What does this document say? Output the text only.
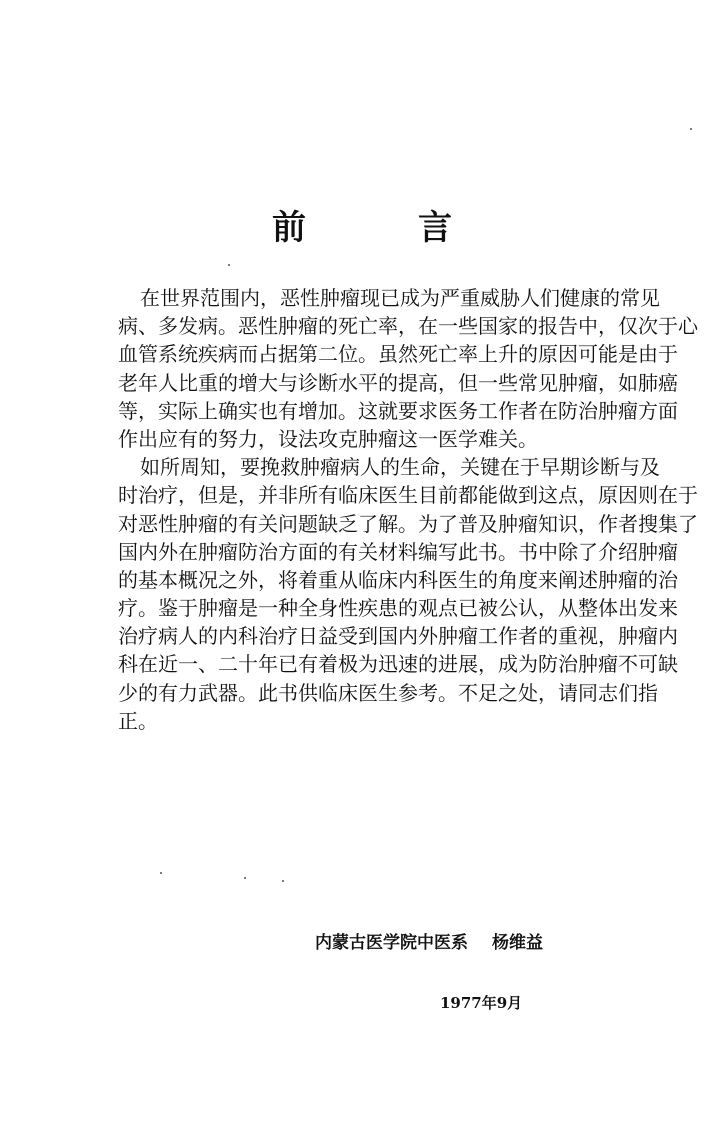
前	言
在世界范围内，恶性肿瘤现已成为严重威胁人们健康的常见
病、多发病。恶性肿瘤的死亡率，在一些国家的报告中，仅次于心
血管系统疾病而占据第二位。虽然死亡率上升的原因可能是由于
老年人比重的增大与诊断水平的提高，但一些常见肿瘤，如肺癌
等，实际上确实也有增加。这就要求医务工作者在防治肿瘤方面
作出应有的努力，设法攻克肿瘤这一医学难关。
如所周知，要挽救肿瘤病人的生命，关键在于早期诊断与及
时治疗，但是，并非所有临床医生目前都能做到这点，原因则在于
对恶性肿瘤的有关问题缺乏了解。为了普及肿瘤知识，作者搜集了
国内外在肿瘤防治方面的有关材料编写此书。书中除了介绍肿瘤
的基本概况之外，将着重从临床内科医生的角度来阐述肿瘤的治
疗。鉴于肿瘤是一种全身性疾患的观点已被公认，从整体出发来
治疗病人的内科治疗日益受到国内外肿瘤工作者的重视，肿瘤内
科在近一、二十年已有着极为迅速的进展，成为防治肿瘤不可缺
少的有力武器。此书供临床医生参考。不足之处，请同志们指
正。
内蒙古医学院中医系 杨维益
1977年9月
